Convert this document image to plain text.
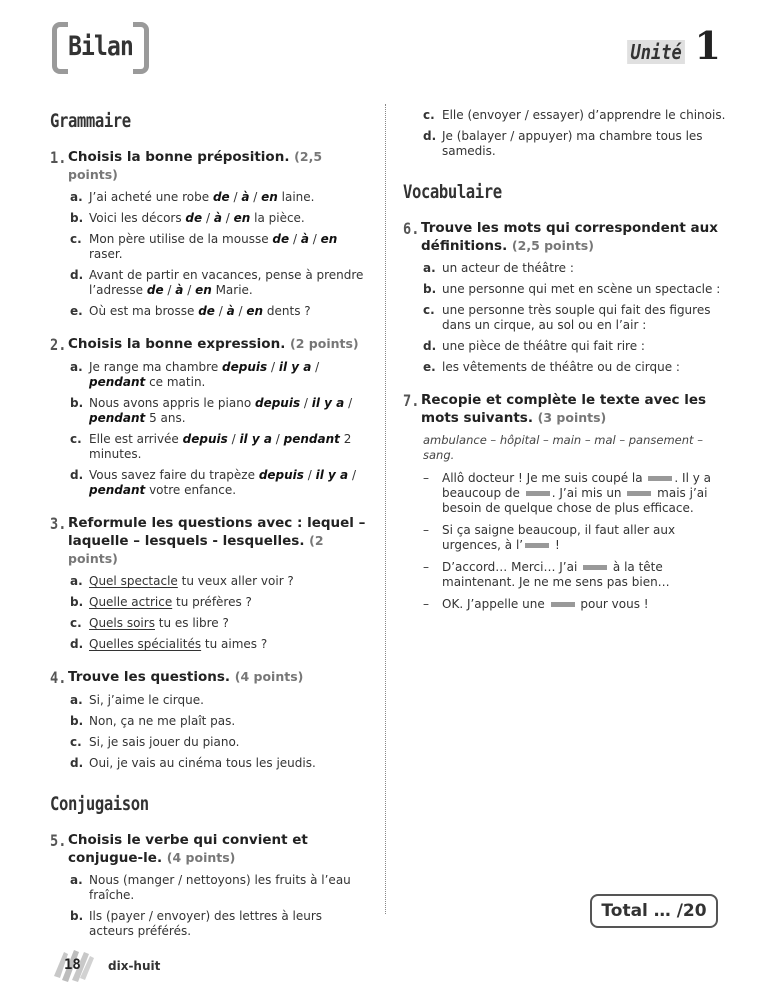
Bilan	Unité 1
Grammaire
1. Choisis la bonne préposition. (2,5 points)
a. J’ai acheté une robe de / à / en laine.
b. Voici les décors de / à / en la pièce.
c. Mon père utilise de la mousse de / à / en raser.
d. Avant de partir en vacances, pense à prendre l’adresse de / à / en Marie.
e. Où est ma brosse de / à / en dents ?
2. Choisis la bonne expression. (2 points)
a. Je range ma chambre depuis / il y a / pendant ce matin.
b. Nous avons appris le piano depuis / il y a / pendant 5 ans.
c. Elle est arrivée depuis / il y a / pendant 2 minutes.
d. Vous savez faire du trapèze depuis / il y a / pendant votre enfance.
3. Reformule les questions avec : lequel – laquelle – lesquels - lesquelles. (2 points)
a. Quel spectacle tu veux aller voir ?
b. Quelle actrice tu préfères ?
c. Quels soirs tu es libre ?
d. Quelles spécialités tu aimes ?
4. Trouve les questions. (4 points)
a. Si, j’aime le cirque.
b. Non, ça ne me plaît pas.
c. Si, je sais jouer du piano.
d. Oui, je vais au cinéma tous les jeudis.
Conjugaison
5. Choisis le verbe qui convient et conjugue-le. (4 points)
a. Nous (manger / nettoyons) les fruits à l’eau fraîche.
b. Ils (payer / envoyer) des lettres à leurs acteurs préférés.
c. Elle (envoyer / essayer) d’apprendre le chinois.
d. Je (balayer / appuyer) ma chambre tous les samedis.
Vocabulaire
6. Trouve les mots qui correspondent aux définitions. (2,5 points)
a. un acteur de théâtre :
b. une personne qui met en scène un spectacle :
c. une personne très souple qui fait des figures dans un cirque, au sol ou en l’air :
d. une pièce de théâtre qui fait rire :
e. les vêtements de théâtre ou de cirque :
7. Recopie et complète le texte avec les mots suivants. (3 points)
ambulance – hôpital – main – mal – pansement – sang.
–	Allô docteur ! Je me suis coupé la . Il y a beaucoup de . J’ai mis un  mais j’ai besoin de quelque chose de plus efficace.
–	Si ça saigne beaucoup, il faut aller aux urgences, à l’ !
–	D’accord… Merci… J’ai  à la tête maintenant. Je ne me sens pas bien…
–	OK. J’appelle une  pour vous !
Total … /20
18 dix-huit
